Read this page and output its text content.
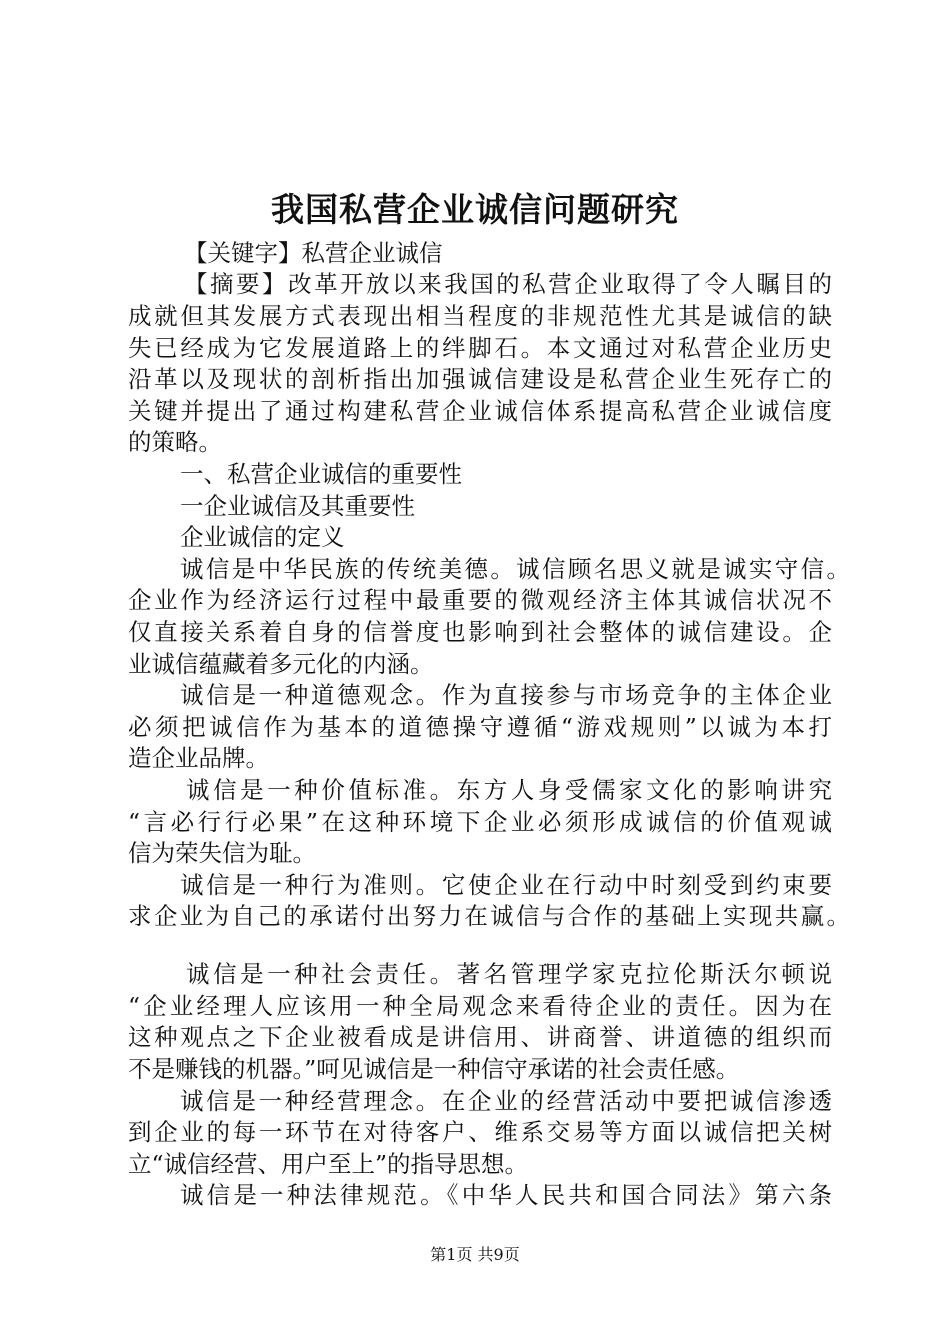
我国私营企业诚信问题研究
【关键字】私营企业诚信
【摘要】改革开放以来我国的私营企业取得了令人瞩目的
成就但其发展方式表现出相当程度的非规范性尤其是诚信的缺
失已经成为它发展道路上的绊脚石。本文通过对私营企业历史
沿革以及现状的剖析指出加强诚信建设是私营企业生死存亡的
关键并提出了通过构建私营企业诚信体系提高私营企业诚信度
的策略。
一、私营企业诚信的重要性
一企业诚信及其重要性
企业诚信的定义
诚信是中华民族的传统美德。诚信顾名思义就是诚实守信。
企业作为经济运行过程中最重要的微观经济主体其诚信状况不
仅直接关系着自身的信誉度也影响到社会整体的诚信建设。企
业诚信蕴藏着多元化的内涵。
诚信是一种道德观念。作为直接参与市场竞争的主体企业
必须把诚信作为基本的道德操守遵循“游戏规则”以诚为本打
造企业品牌。
诚信是一种价值标准。东方人身受儒家文化的影响讲究
“言必行行必果”在这种环境下企业必须形成诚信的价值观诚
信为荣失信为耻。
诚信是一种行为准则。它使企业在行动中时刻受到约束要
求企业为自己的承诺付出努力在诚信与合作的基础上实现共赢。
诚信是一种社会责任。著名管理学家克拉伦斯沃尔顿说
“企业经理人应该用一种全局观念来看待企业的责任。因为在
这种观点之下企业被看成是讲信用、讲商誉、讲道德的组织而
不是赚钱的机器。”呵见诚信是一种信守承诺的社会责任感。
诚信是一种经营理念。在企业的经营活动中要把诚信渗透
到企业的每一环节在对待客户、维系交易等方面以诚信把关树
立“诚信经营、用户至上”的指导思想。
诚信是一种法律规范。《中华人民共和国合同法》第六条
第1页 共9页
